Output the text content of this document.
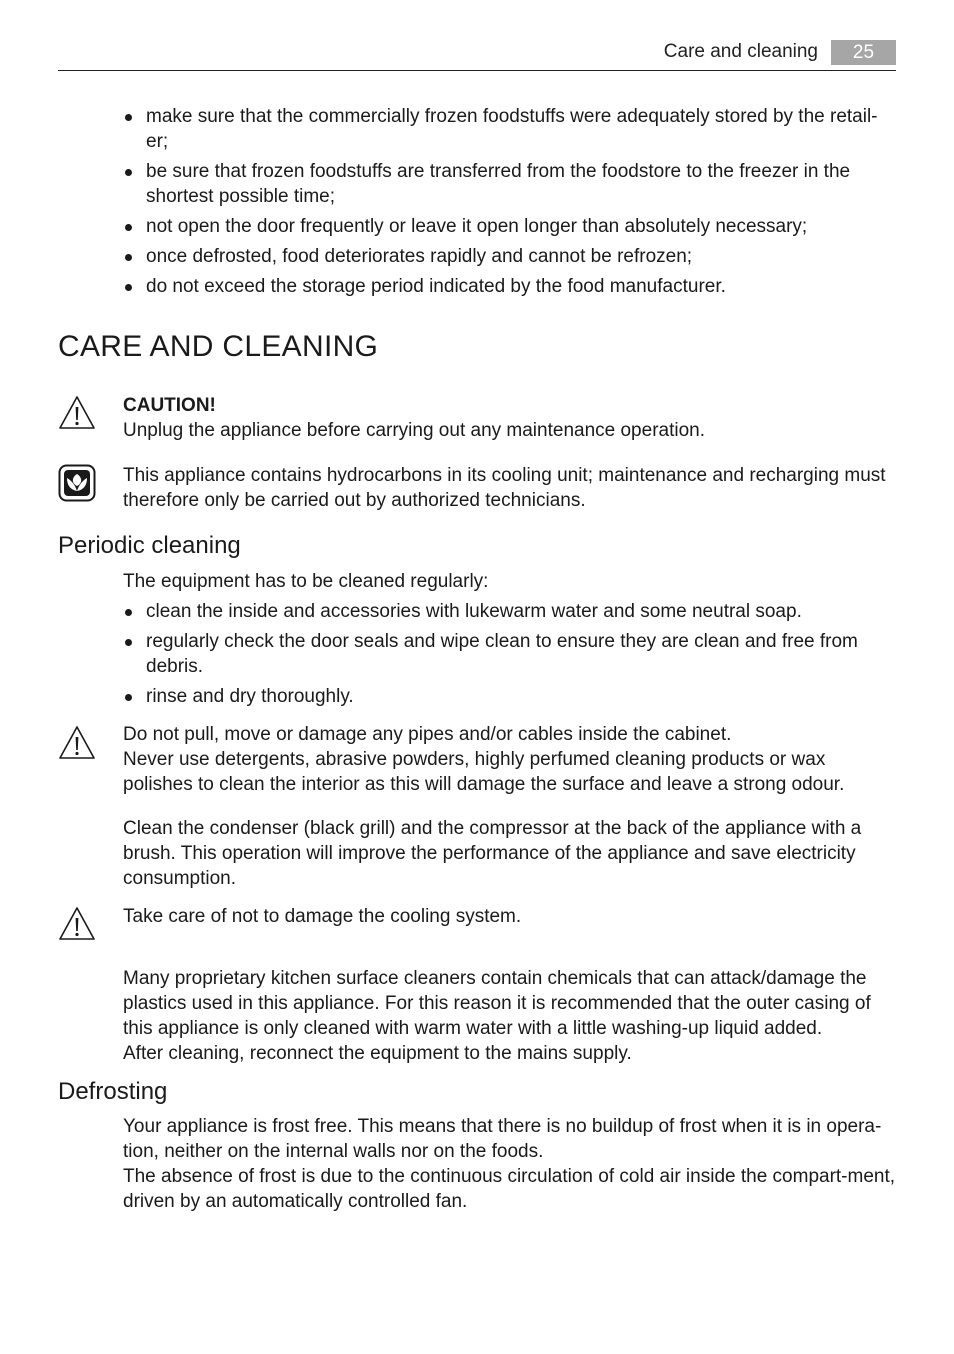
Care and cleaning	25
make sure that the commercially frozen foodstuffs were adequately stored by the retail-er;
be sure that frozen foodstuffs are transferred from the foodstore to the freezer in the shortest possible time;
not open the door frequently or leave it open longer than absolutely necessary;
once defrosted, food deteriorates rapidly and cannot be refrozen;
do not exceed the storage period indicated by the food manufacturer.
CARE AND CLEANING
CAUTION!
Unplug the appliance before carrying out any maintenance operation.
This appliance contains hydrocarbons in its cooling unit; maintenance and recharging must therefore only be carried out by authorized technicians.
Periodic cleaning
The equipment has to be cleaned regularly:
clean the inside and accessories with lukewarm water and some neutral soap.
regularly check the door seals and wipe clean to ensure they are clean and free from debris.
rinse and dry thoroughly.
Do not pull, move or damage any pipes and/or cables inside the cabinet.
Never use detergents, abrasive powders, highly perfumed cleaning products or wax polishes to clean the interior as this will damage the surface and leave a strong odour.
Clean the condenser (black grill) and the compressor at the back of the appliance with a brush. This operation will improve the performance of the appliance and save electricity consumption.
Take care of not to damage the cooling system.
Many proprietary kitchen surface cleaners contain chemicals that can attack/damage the plastics used in this appliance. For this reason it is recommended that the outer casing of this appliance is only cleaned with warm water with a little washing-up liquid added.
After cleaning, reconnect the equipment to the mains supply.
Defrosting
Your appliance is frost free. This means that there is no buildup of frost when it is in opera-tion, neither on the internal walls nor on the foods.
The absence of frost is due to the continuous circulation of cold air inside the compart-ment, driven by an automatically controlled fan.
